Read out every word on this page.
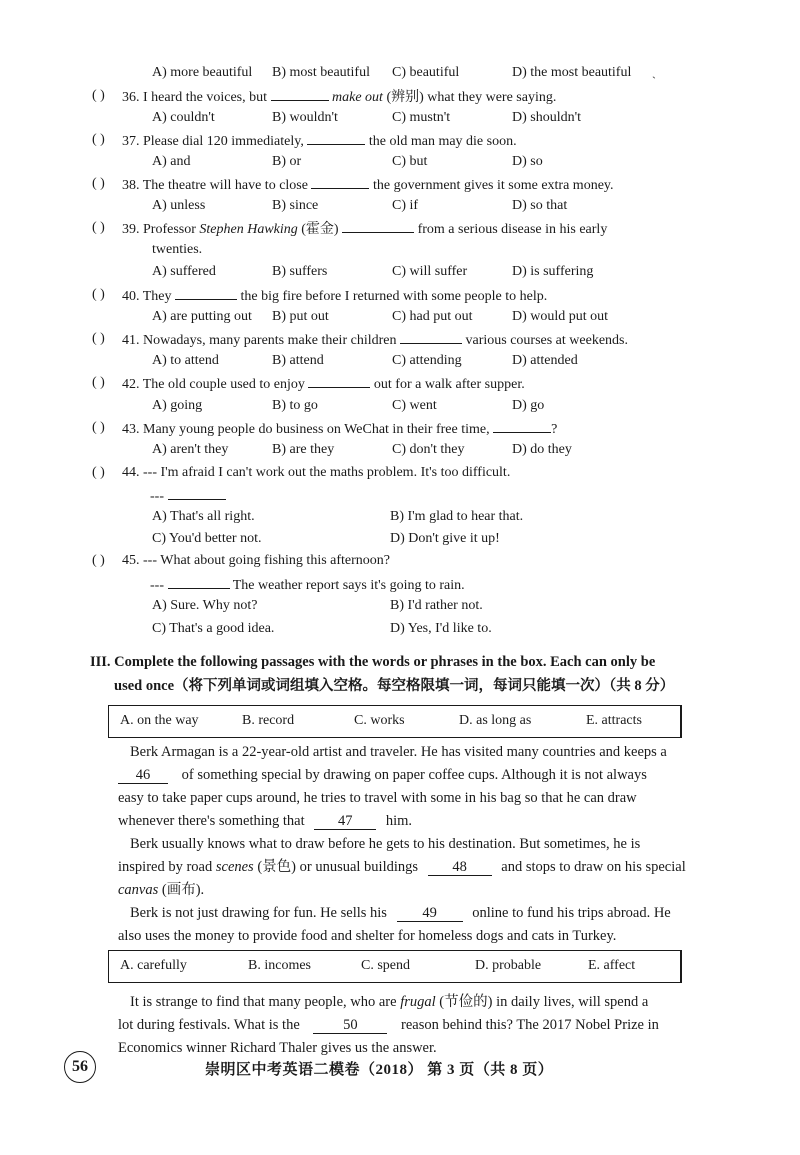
A) more beautiful B) most beautiful C) beautiful	D) the most beautiful
ˋ
( ) 36. I heard the voices, but	make out (辨别) what they were saying.
A) couldn't	B) wouldn't	C) mustn't	D) shouldn't
( ) 37. Please dial 120 immediately,	the old man may die soon.
A) and	B) or	C) but	D) so
( ) 38. The theatre will have to close	the government gives it some extra money.
A) unless	B) since	C) if	D) so that
( ) 39. Professor Stephen Hawking (霍金)	from a serious disease in his early
twenties.
A) suffered	B) suffers	C) will suffer	D) is suffering
( ) 40. They	the big fire before I returned with some people to help.
A) are putting out B) put out	C) had put out	D) would put out
( ) 41. Nowadays, many parents make their children	various courses at weekends.
A) to attend	B) attend	C) attending	D) attended
( ) 42. The old couple used to enjoy	out for a walk after supper.
A) going	B) to go	C) went	D) go
( ) 43. Many young people do business on WeChat in their free time,	?
A) aren't they	B) are they	C) don't they	D) do they
( ) 44. --- I'm afraid I can't work out the maths problem. It's too difficult.
---
A) That's all right.	B) I'm glad to hear that.
C) You'd better not.	D) Don't give it up!
( ) 45. --- What about going fishing this afternoon?
---	The weather report says it's going to rain.
A) Sure. Why not?	B) I'd rather not.
C) That's a good idea.	D) Yes, I'd like to.
III. Complete the following passages with the words or phrases in the box. Each can only be
used once（将下列单词或词组填入空格。每空格限填一词，每词只能填一次）（共 8 分）
A. on the way	B. record	C. works	D. as long as	E. attracts
Berk Armagan is a 22-year-old artist and traveler. He has visited many countries and keeps a
46 of something special by drawing on paper coffee cups. Although it is not always
easy to take paper cups around, he tries to travel with some in his bag so that he can draw
whenever there's something that 47 him.
Berk usually knows what to draw before he gets to his destination. But sometimes, he is
inspired by road scenes (景色) or unusual buildings 48 and stops to draw on his special
canvas (画布).
Berk is not just drawing for fun. He sells his 49 online to fund his trips abroad. He
also uses the money to provide food and shelter for homeless dogs and cats in Turkey.
A. carefully	B. incomes	C. spend	D. probable	E. affect
It is strange to find that many people, who are frugal (节俭的) in daily lives, will spend a
lot during festivals. What is the	50	reason behind this? The 2017 Nobel Prize in
Economics winner Richard Thaler gives us the answer.
56	崇明区中考英语二模卷（2018） 第 3 页（共 8 页）
